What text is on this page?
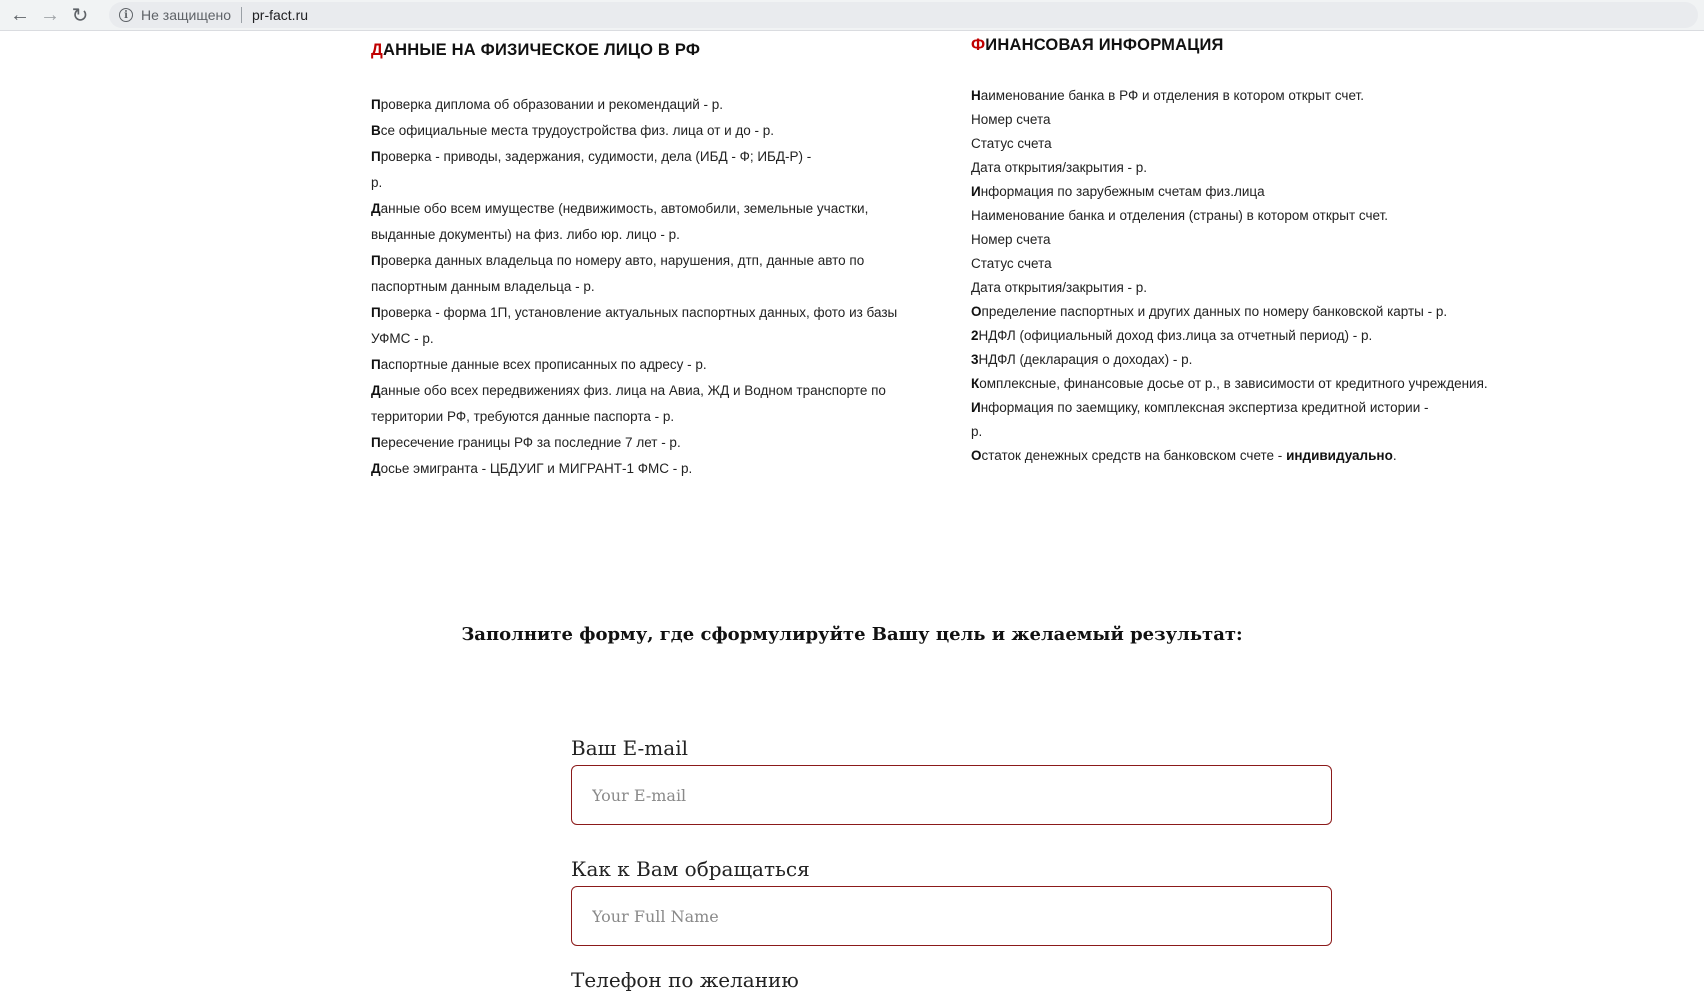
← → ↻	i Не защищено pr-fact.ru
ДАННЫЕ НА ФИЗИЧЕСКОЕ ЛИЦО В РФ
Проверка диплома об образовании и рекомендаций - р.
Все официальные места трудоустройства физ. лица от и до - р.
Проверка - приводы, задержания, судимости, дела (ИБД - Ф; ИБД-Р) -
р.
Данные обо всем имуществе (недвижимость, автомобили, земельные участки,
выданные документы) на физ. либо юр. лицо - р.
Проверка данных владельца по номеру авто, нарушения, дтп, данные авто по
паспортным данным владельца - р.
Проверка - форма 1П, установление актуальных паспортных данных, фото из базы
УФМС - р.
Паспортные данные всех прописанных по адресу - р.
Данные обо всех передвижениях физ. лица на Авиа, ЖД и Водном транспорте по
территории РФ, требуются данные паспорта - р.
Пересечение границы РФ за последние 7 лет - р.
Досье эмигранта - ЦБДУИГ и МИГРАНТ-1 ФМС - р.
ФИНАНСОВАЯ ИНФОРМАЦИЯ
Наименование банка в РФ и отделения в котором открыт счет.
Номер счета
Статус счета
Дата открытия/закрытия - р.
Информация по зарубежным счетам физ.лица
Наименование банка и отделения (страны) в котором открыт счет.
Номер счета
Статус счета
Дата открытия/закрытия - р.
Определение паспортных и других данных по номеру банковской карты - р.
2НДФЛ (официальный доход физ.лица за отчетный период) - р.
3НДФЛ (декларация о доходах) - р.
Комплексные, финансовые досье от р., в зависимости от кредитного учреждения.
Информация по заемщику, комплексная экспертиза кредитной истории -
р.
Остаток денежных средств на банковском счете - индивидуально.
Заполните форму, где сформулируйте Вашу цель и желаемый результат:
Ваш E-mail
Your E-mail
Как к Вам обращаться
Your Full Name
Телефон по желанию
